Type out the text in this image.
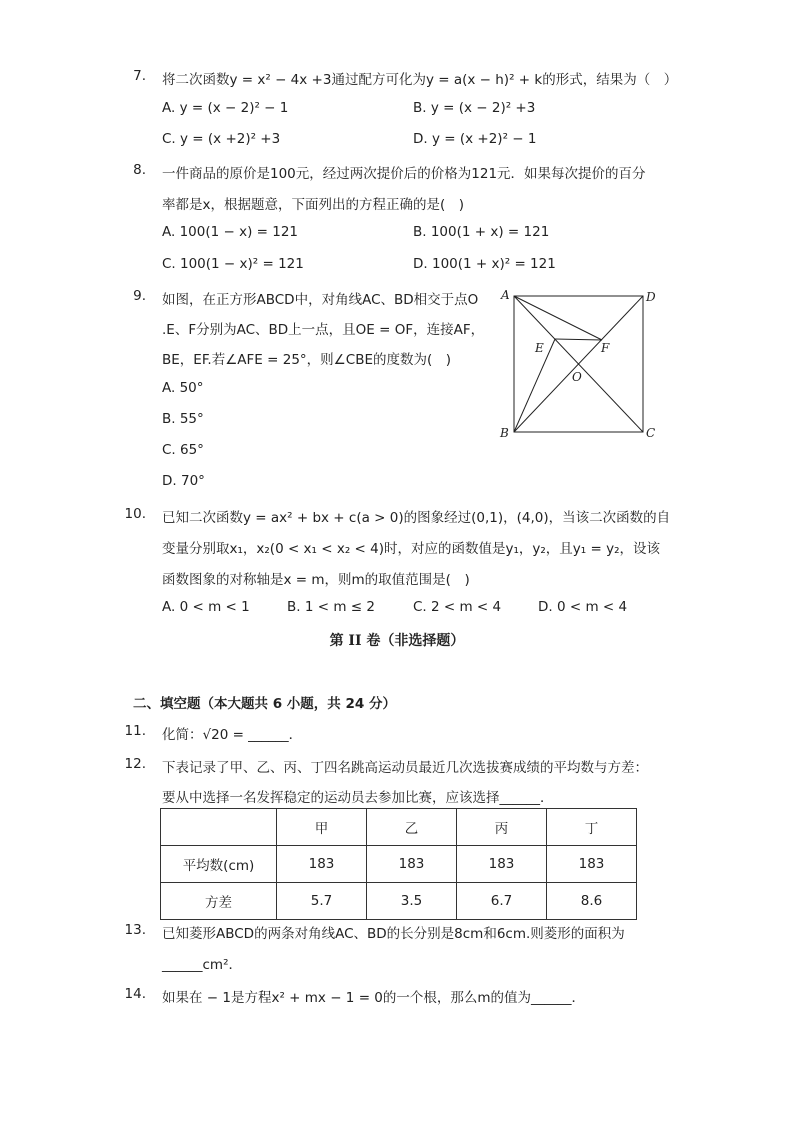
7. 将二次函数y = x² − 4x +3通过配方可化为y = a(x − h)² + k的形式，结果为（　）
A. y = (x − 2)² − 1	B. y = (x − 2)² +3
C. y = (x +2)² +3	D. y = (x +2)² − 1
8. 一件商品的原价是100元，经过两次提价后的价格为121元．如果每次提价的百分
率都是x，根据题意，下面列出的方程正确的是(　)
A. 100(1 − x) = 121	B. 100(1 + x) = 121
C. 100(1 − x)² = 121	D. 100(1 + x)² = 121
9. 如图，在正方形ABCD中，对角线AC、BD相交于点O
.E、F分别为AC、BD上一点，且OE = OF，连接AF，
BE，EF.若∠AFE = 25°，则∠CBE的度数为(　)
A. 50°
B. 55°
C. 65°
D. 70°
A	D
B	C
E	F
O
10. 已知二次函数y = ax² + bx + c(a > 0)的图象经过(0,1)，(4,0)，当该二次函数的自
变量分别取x₁，x₂(0 < x₁ < x₂ < 4)时，对应的函数值是y₁，y₂，且y₁ = y₂，设该
函数图象的对称轴是x = m，则m的取值范围是(　)
A. 0 < m < 1	B. 1 < m ≤ 2	C. 2 < m < 4	D. 0 < m < 4
第 II 卷（非选择题）
二、填空题（本大题共 6 小题，共 24 分）
11. 化简：√20 = ______．
12. 下表记录了甲、乙、丙、丁四名跳高运动员最近几次选拔赛成绩的平均数与方差：
要从中选择一名发挥稳定的运动员去参加比赛，应该选择______．
	甲	乙	丙	丁
平均数(cm)	183	183	183	183
方差	5.7	3.5	6.7	8.6
13. 已知菱形ABCD的两条对角线AC、BD的长分别是8cm和6cm.则菱形的面积为
______cm²．
14. 如果在 − 1是方程x² + mx − 1 = 0的一个根，那么m的值为______．
